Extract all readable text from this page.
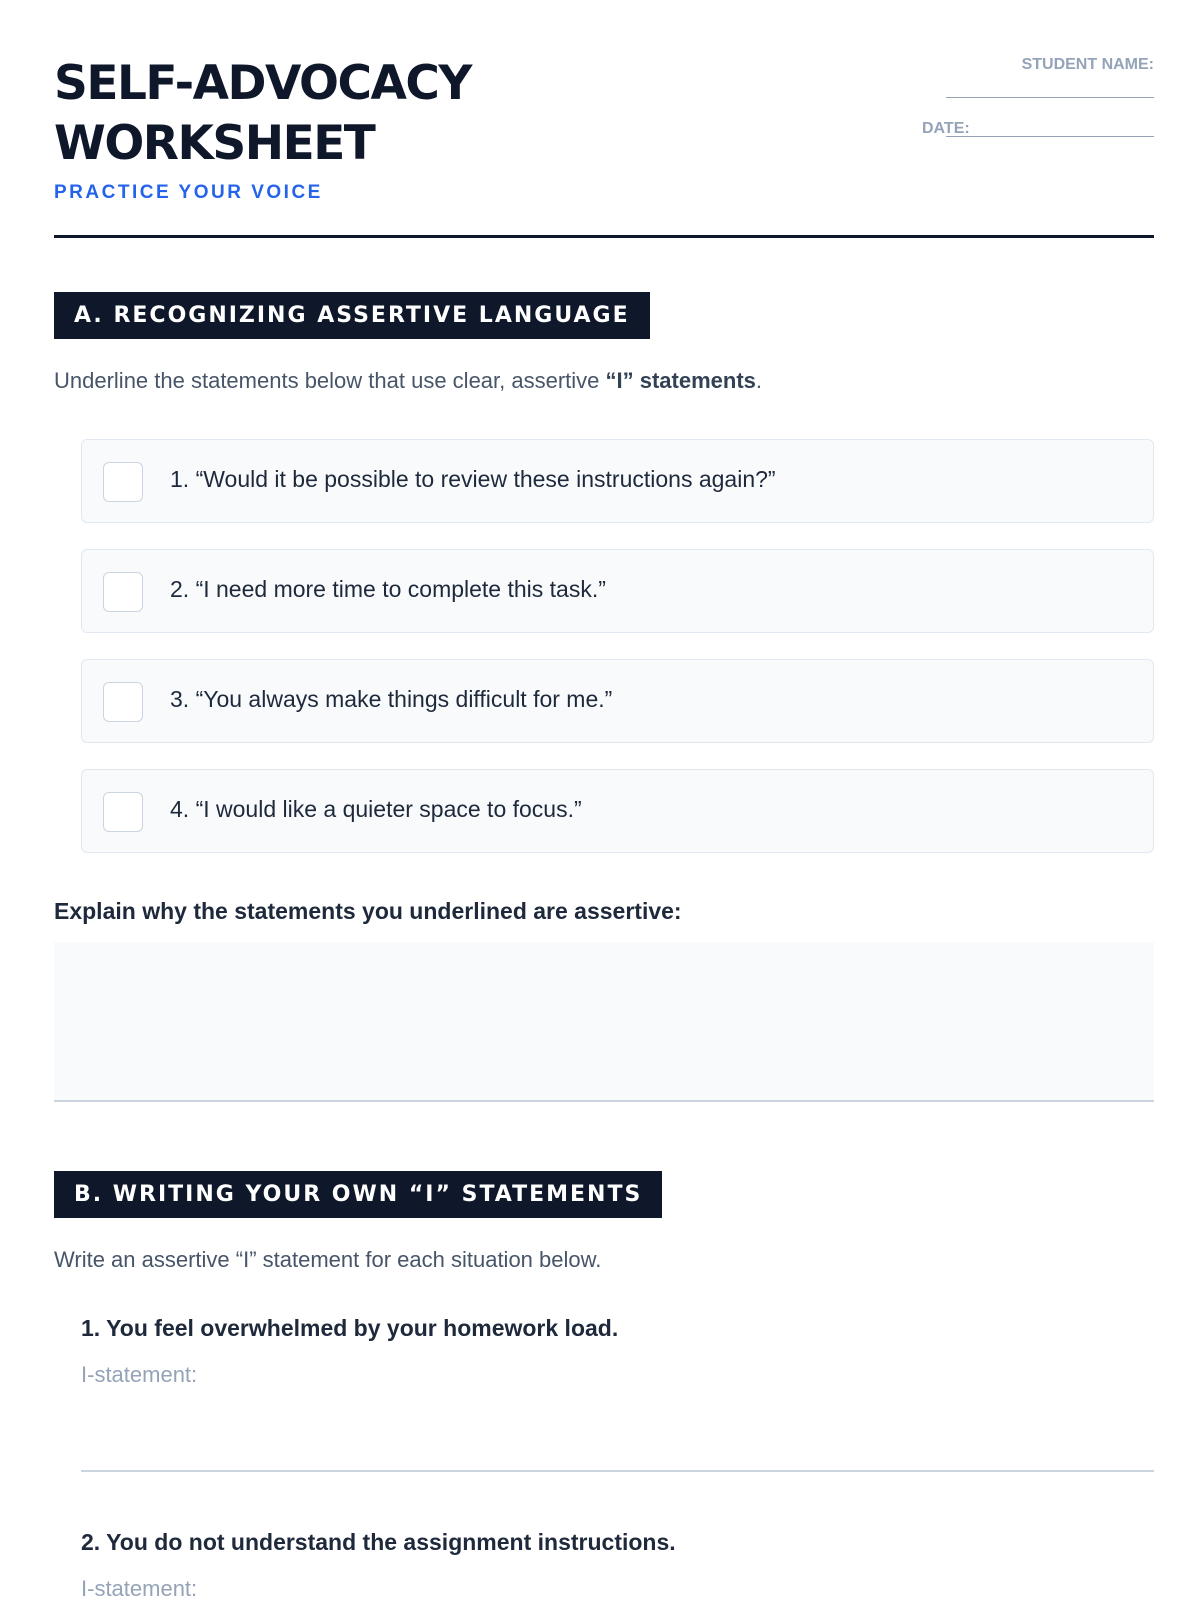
SELF-ADVOCACY
WORKSHEET
PRACTICE YOUR VOICE
STUDENT NAME:
DATE:
A. RECOGNIZING ASSERTIVE LANGUAGE
Underline the statements below that use clear, assertive “I” statements.
1. “Would it be possible to review these instructions again?”
2. “I need more time to complete this task.”
3. “You always make things difficult for me.”
4. “I would like a quieter space to focus.”
Explain why the statements you underlined are assertive:
B. WRITING YOUR OWN “I” STATEMENTS
Write an assertive “I” statement for each situation below.
1. You feel overwhelmed by your homework load.
I-statement:
2. You do not understand the assignment instructions.
I-statement:
